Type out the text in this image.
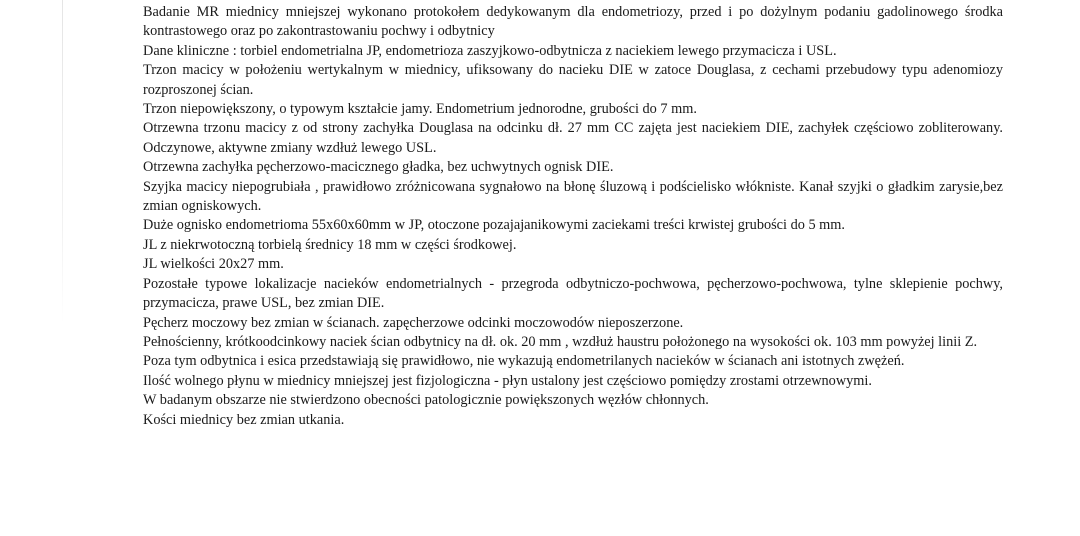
Badanie MR miednicy mniejszej wykonano protokołem dedykowanym dla endometriozy, przed i po dożylnym podaniu gadolinowego środka kontrastowego oraz po zakontrastowaniu pochwy i odbytnicy

Dane kliniczne : torbiel endometrialna JP, endometrioza zaszyjkowo-odbytnicza z naciekiem lewego przymacicza i USL.

Trzon macicy w położeniu wertykalnym w miednicy, ufiksowany do nacieku DIE w zatoce Douglasa, z cechami przebudowy typu adenomiozy rozproszonej ścian.

Trzon niepowiększony, o typowym kształcie jamy. Endometrium jednorodne, grubości do 7 mm.

Otrzewna trzonu macicy z od strony zachyłka Douglasa na odcinku dł. 27 mm CC zajęta jest naciekiem DIE, zachyłek częściowo zobliterowany. Odczynowe, aktywne zmiany wzdłuż lewego USL.

Otrzewna zachyłka pęcherzowo-macicznego gładka, bez uchwytnych ognisk DIE.

Szyjka macicy niepogrubiała , prawidłowo zróżnicowana sygnałowo na błonę śluzową i podścielisko włókniste. Kanał szyjki o gładkim zarysie,bez zmian ogniskowych.

Duże ognisko endometrioma 55x60x60mm w JP, otoczone pozajajanikowymi zaciekami treści krwistej grubości do 5 mm.

JL z niekrwotoczną torbielą średnicy 18 mm w części środkowej.

JL wielkości 20x27 mm.

Pozostałe typowe lokalizacje nacieków endometrialnych - przegroda odbytniczo-pochwowa, pęcherzowo-pochwowa, tylne sklepienie pochwy, przymacicza, prawe USL, bez zmian DIE.

Pęcherz moczowy bez zmian w ścianach. zapęcherzowe odcinki moczowodów nieposzerzone.

Pełnościenny, krótkoodcinkowy naciek ścian odbytnicy na dł. ok. 20 mm , wzdłuż haustru położonego na wysokości ok. 103 mm powyżej linii Z.

Poza tym odbytnica i esica przedstawiają się prawidłowo, nie wykazują endometrilanych nacieków w ścianach ani istotnych zwężeń.

Ilość wolnego płynu w miednicy mniejszej jest fizjologiczna - płyn ustalony jest częściowo pomiędzy zrostami otrzewnowymi.

W badanym obszarze nie stwierdzono obecności patologicznie powiększonych węzłów chłonnych.

Kości miednicy bez zmian utkania.
